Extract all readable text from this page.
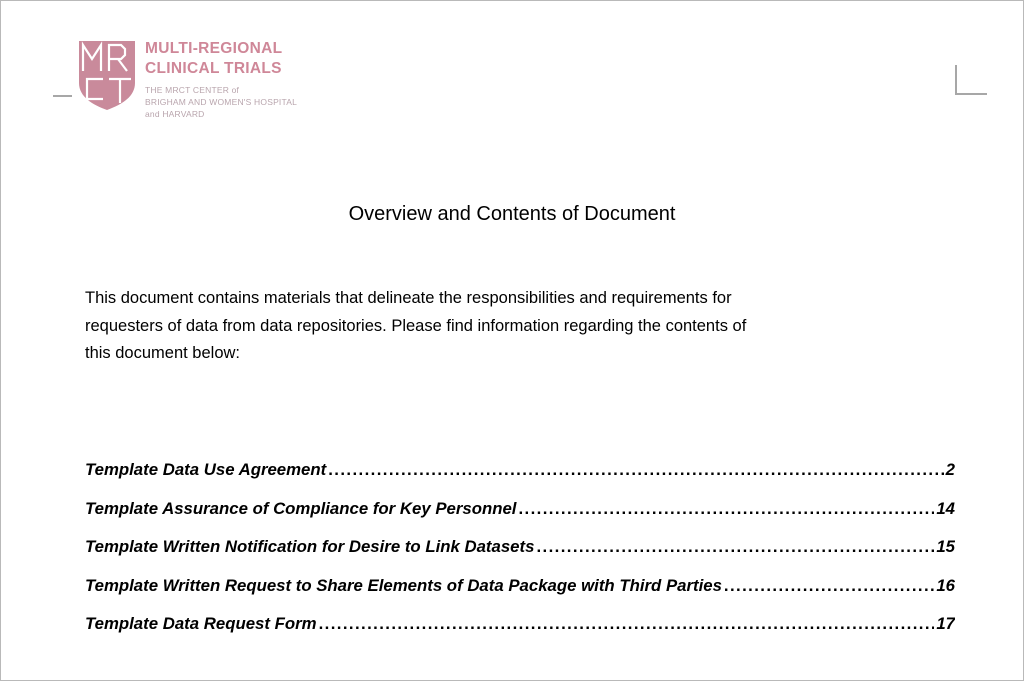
MULTI-REGIONAL
CLINICAL TRIALS
THE MRCT CENTER of
BRIGHAM AND WOMEN'S HOSPITAL
and HARVARD
Overview and Contents of Document
This document contains materials that delineate the responsibilities and requirements for
requesters of data from data repositories. Please find information regarding the contents of
this document below:
Template Data Use Agreement .....	2
Template Assurance of Compliance for Key Personnel .....	14
Template Written Notification for Desire to Link Datasets .....	15
Template Written Request to Share Elements of Data Package with Third Parties .....	16
Template Data Request Form .....	17
